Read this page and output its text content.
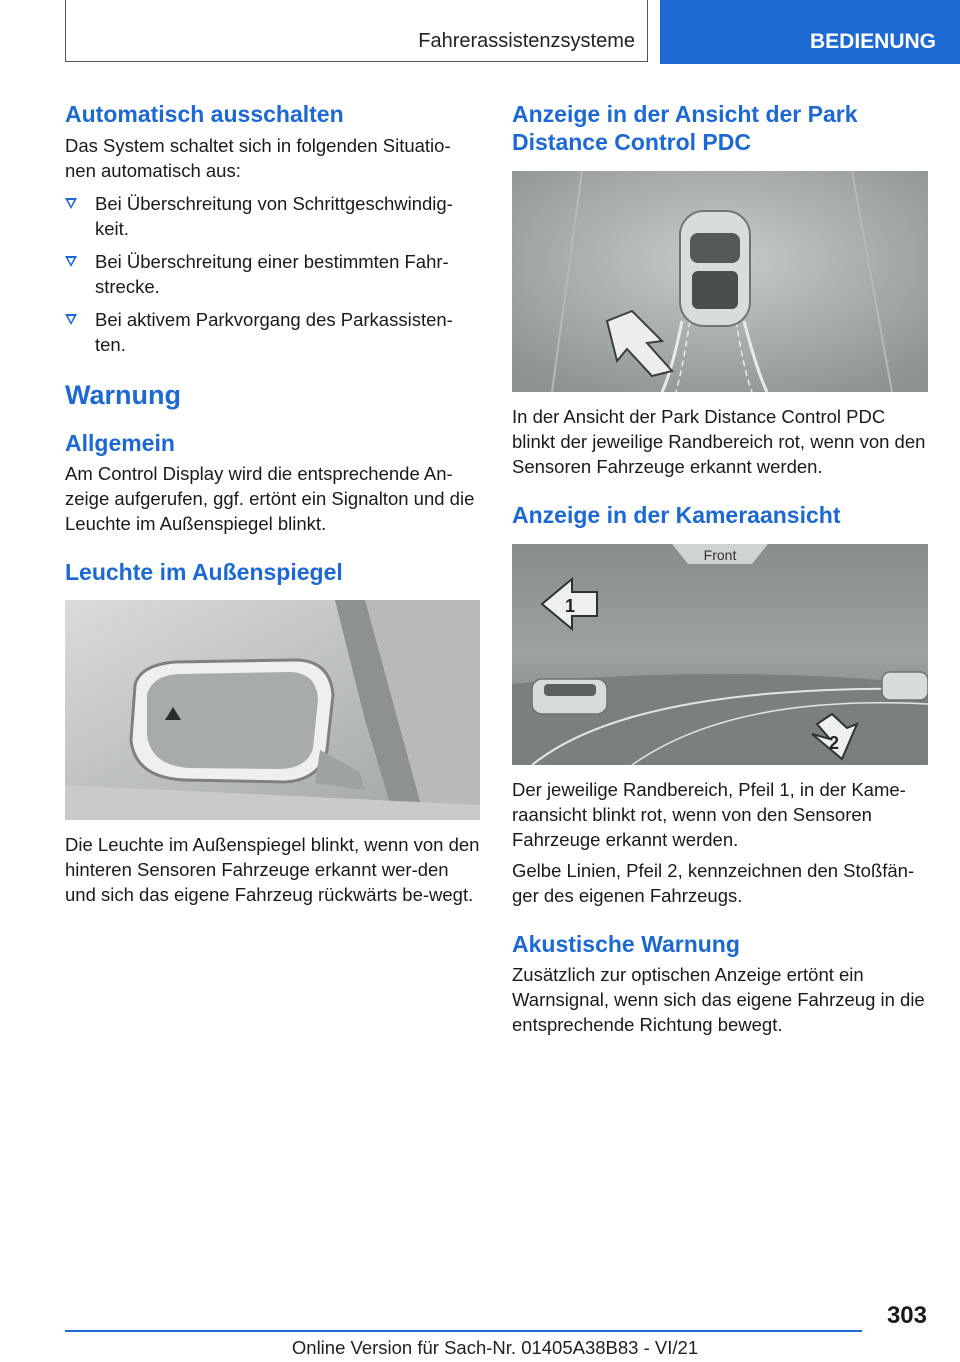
Fahrerassistenzsysteme	BEDIENUNG
Automatisch ausschalten

Das System schaltet sich in folgenden Situatio-nen automatisch aus:

Bei Überschreitung von Schrittgeschwindig-keit.
Bei Überschreitung einer bestimmten Fahr-strecke.
Bei aktivem Parkvorgang des Parkassisten-ten.
Warnung
Allgemein

Am Control Display wird die entsprechende An-zeige aufgerufen, ggf. ertönt ein Signalton und die Leuchte im Außenspiegel blinkt.

Leuchte im Außenspiegel

Die Leuchte im Außenspiegel blinkt, wenn von den hinteren Sensoren Fahrzeuge erkannt wer-den und sich das eigene Fahrzeug rückwärts be-wegt.

Anzeige in der Ansicht der Park Distance Control PDC

In der Ansicht der Park Distance Control PDC blinkt der jeweilige Randbereich rot, wenn von den Sensoren Fahrzeuge erkannt werden.

Anzeige in der Kameraansicht
Front
1
2

Der jeweilige Randbereich, Pfeil 1, in der Kame-raansicht blinkt rot, wenn von den Sensoren Fahrzeuge erkannt werden.

Gelbe Linien, Pfeil 2, kennzeichnen den Stoßfän-ger des eigenen Fahrzeugs.

Akustische Warnung

Zusätzlich zur optischen Anzeige ertönt ein Warnsignal, wenn sich das eigene Fahrzeug in die entsprechende Richtung bewegt.

303
Online Version für Sach-Nr. 01405A38B83 - VI/21
